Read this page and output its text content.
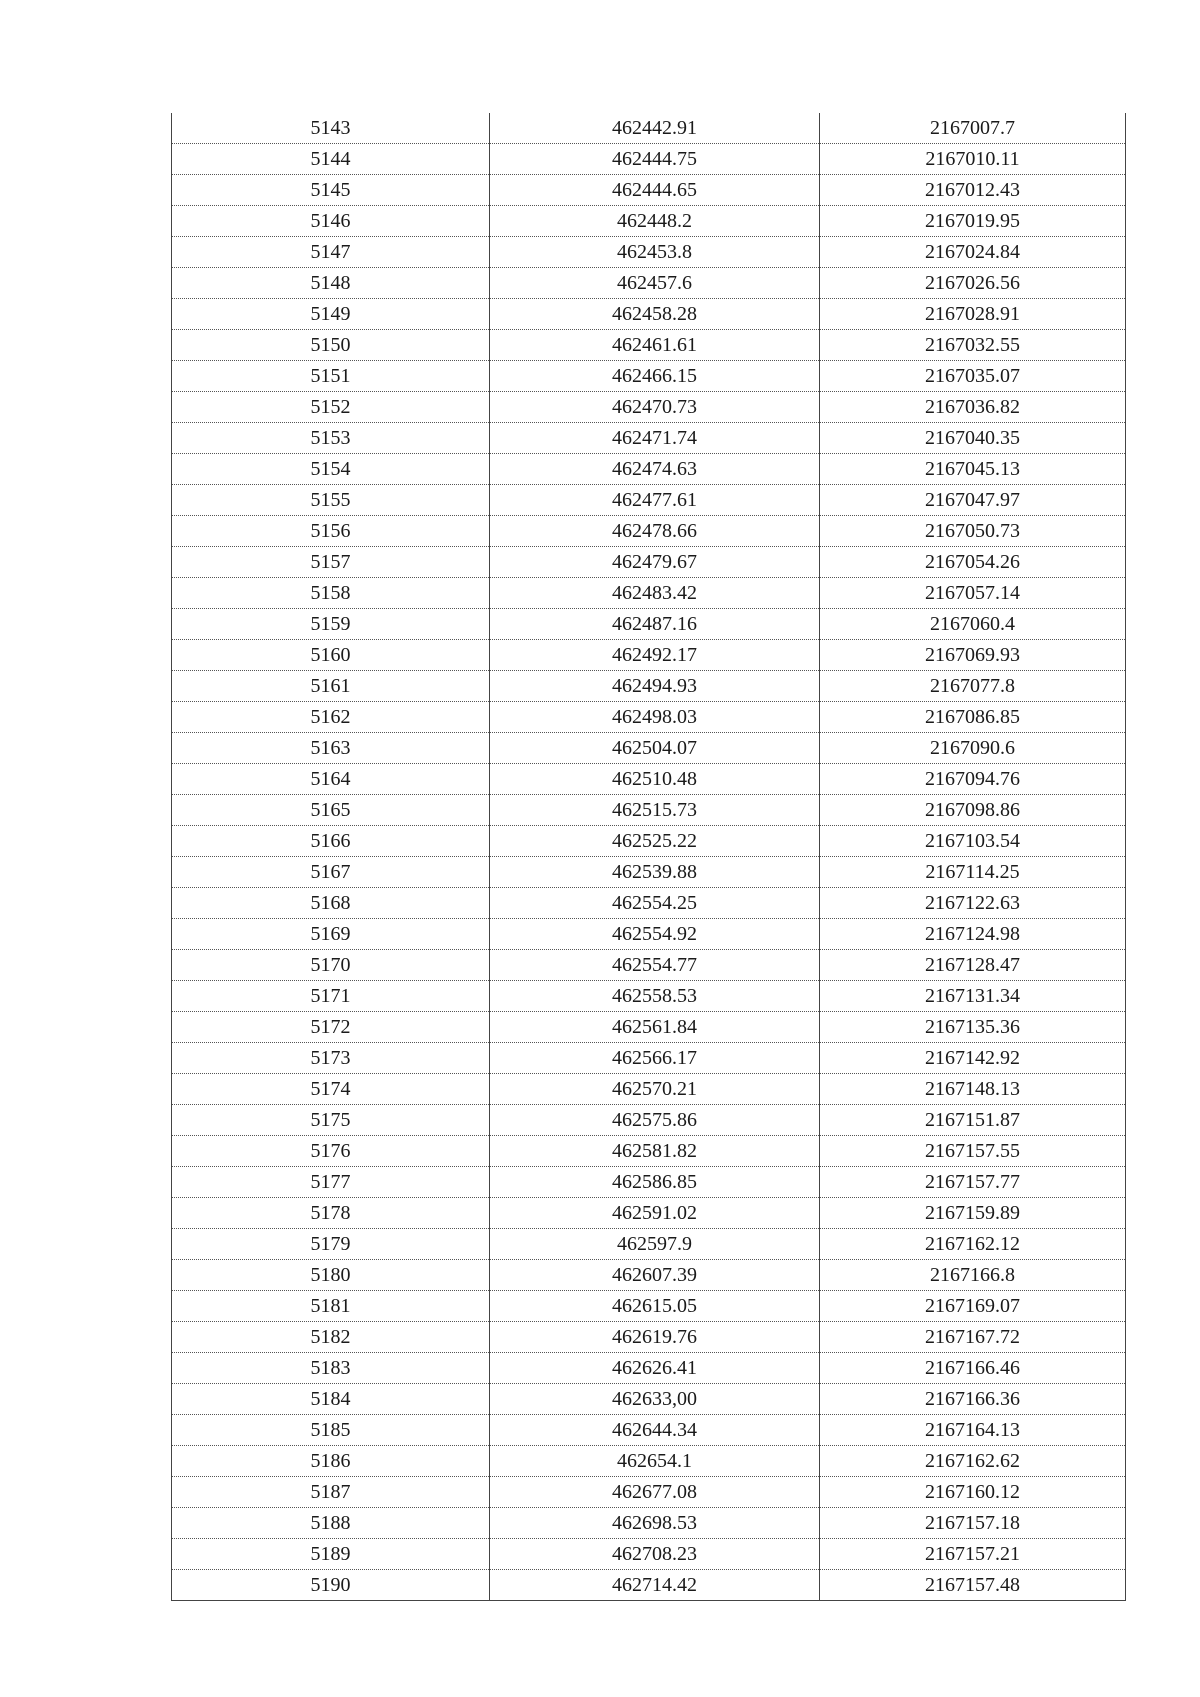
5143	462442.91	2167007.7
5144	462444.75	2167010.11
5145	462444.65	2167012.43
5146	462448.2	2167019.95
5147	462453.8	2167024.84
5148	462457.6	2167026.56
5149	462458.28	2167028.91
5150	462461.61	2167032.55
5151	462466.15	2167035.07
5152	462470.73	2167036.82
5153	462471.74	2167040.35
5154	462474.63	2167045.13
5155	462477.61	2167047.97
5156	462478.66	2167050.73
5157	462479.67	2167054.26
5158	462483.42	2167057.14
5159	462487.16	2167060.4
5160	462492.17	2167069.93
5161	462494.93	2167077.8
5162	462498.03	2167086.85
5163	462504.07	2167090.6
5164	462510.48	2167094.76
5165	462515.73	2167098.86
5166	462525.22	2167103.54
5167	462539.88	2167114.25
5168	462554.25	2167122.63
5169	462554.92	2167124.98
5170	462554.77	2167128.47
5171	462558.53	2167131.34
5172	462561.84	2167135.36
5173	462566.17	2167142.92
5174	462570.21	2167148.13
5175	462575.86	2167151.87
5176	462581.82	2167157.55
5177	462586.85	2167157.77
5178	462591.02	2167159.89
5179	462597.9	2167162.12
5180	462607.39	2167166.8
5181	462615.05	2167169.07
5182	462619.76	2167167.72
5183	462626.41	2167166.46
5184	462633,00	2167166.36
5185	462644.34	2167164.13
5186	462654.1	2167162.62
5187	462677.08	2167160.12
5188	462698.53	2167157.18
5189	462708.23	2167157.21
5190	462714.42	2167157.48
